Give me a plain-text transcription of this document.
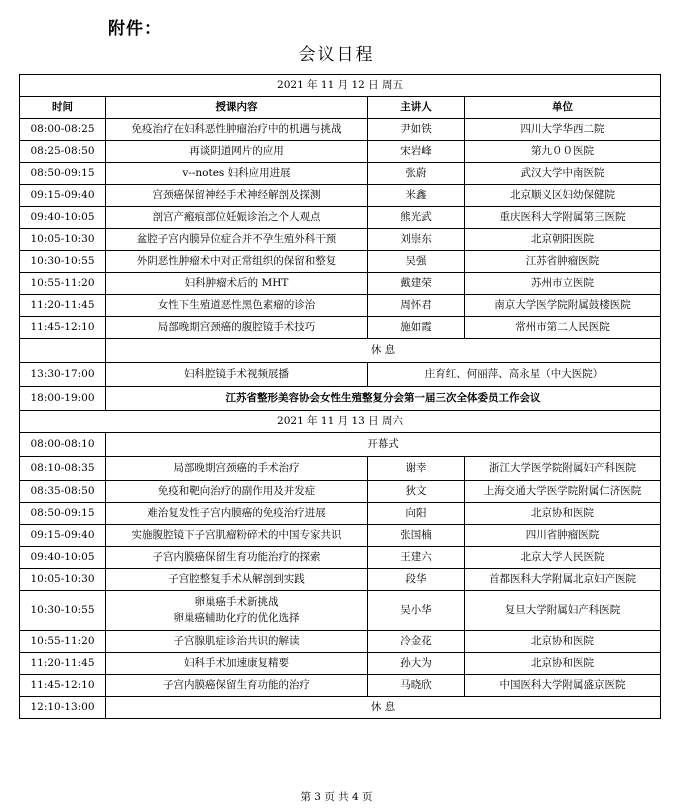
附件：
会议日程
2021 年 11 月 12 日 周五			
时间	授课内容	主讲人	单位
08:00-08:25	免疫治疗在妇科恶性肿瘤治疗中的机遇与挑战	尹如铁	四川大学华西二院
08:25-08:50	再谈阴道网片的应用	宋岩峰	第九００医院
08:50-09:15	v--notes 妇科应用进展	张蔚	武汉大学中南医院
09:15-09:40	宫颈癌保留神经手术神经解剖及探测	米鑫	北京顺义区妇幼保健院
09:40-10:05	剖宫产瘢痕部位妊娠诊治之个人观点	熊光武	重庆医科大学附属第三医院
10:05-10:30	盆腔子宫内膜异位症合并不孕生殖外科干预	刘崇东	北京朝阳医院
10:30-10:55	外阴恶性肿瘤术中对正常组织的保留和整复	吴强	江苏省肿瘤医院
10:55-11:20	妇科肿瘤术后的 MHT	戴建荣	苏州市立医院
11:20-11:45	女性下生殖道恶性黑色素瘤的诊治	周怀君	南京大学医学院附属鼓楼医院
11:45-12:10	局部晚期宫颈癌的腹腔镜手术技巧	施如霞	常州市第二人民医院
	休 息		
13:30-17:00	妇科腔镜手术视频展播	庄育红、何丽萍、高永星（中大医院）	
18:00-19:00	江苏省整形美容协会女性生殖整复分会第一届三次全体委员工作会议		
2021 年 11 月 13 日 周六			
08:00-08:10	开幕式		
08:10-08:35	局部晚期宫颈癌的手术治疗	谢幸	浙江大学医学院附属妇产科医院
08:35-08:50	免疫和靶向治疗的副作用及并发症	狄文	上海交通大学医学院附属仁济医院
08:50-09:15	难治复发性子宫内膜癌的免疫治疗进展	向阳	北京协和医院
09:15-09:40	实施腹腔镜下子宫肌瘤粉碎术的中国专家共识	张国楠	四川省肿瘤医院
09:40-10:05	子宫内膜癌保留生育功能治疗的探索	王建六	北京大学人民医院
10:05-10:30	子宫腔整复手术从解剖到实践	段华	首都医科大学附属北京妇产医院
10:30-10:55	卵巢癌手术新挑战
卵巢癌辅助化疗的优化选择	吴小华	复旦大学附属妇产科医院
10:55-11:20	子宫腺肌症诊治共识的解读	冷金花	北京协和医院
11:20-11:45	妇科手术加速康复精要	孙大为	北京协和医院
11:45-12:10	子宫内膜癌保留生育功能的治疗	马晓欣	中国医科大学附属盛京医院
12:10-13:00	休 息		
第 3 页 共 4 页
